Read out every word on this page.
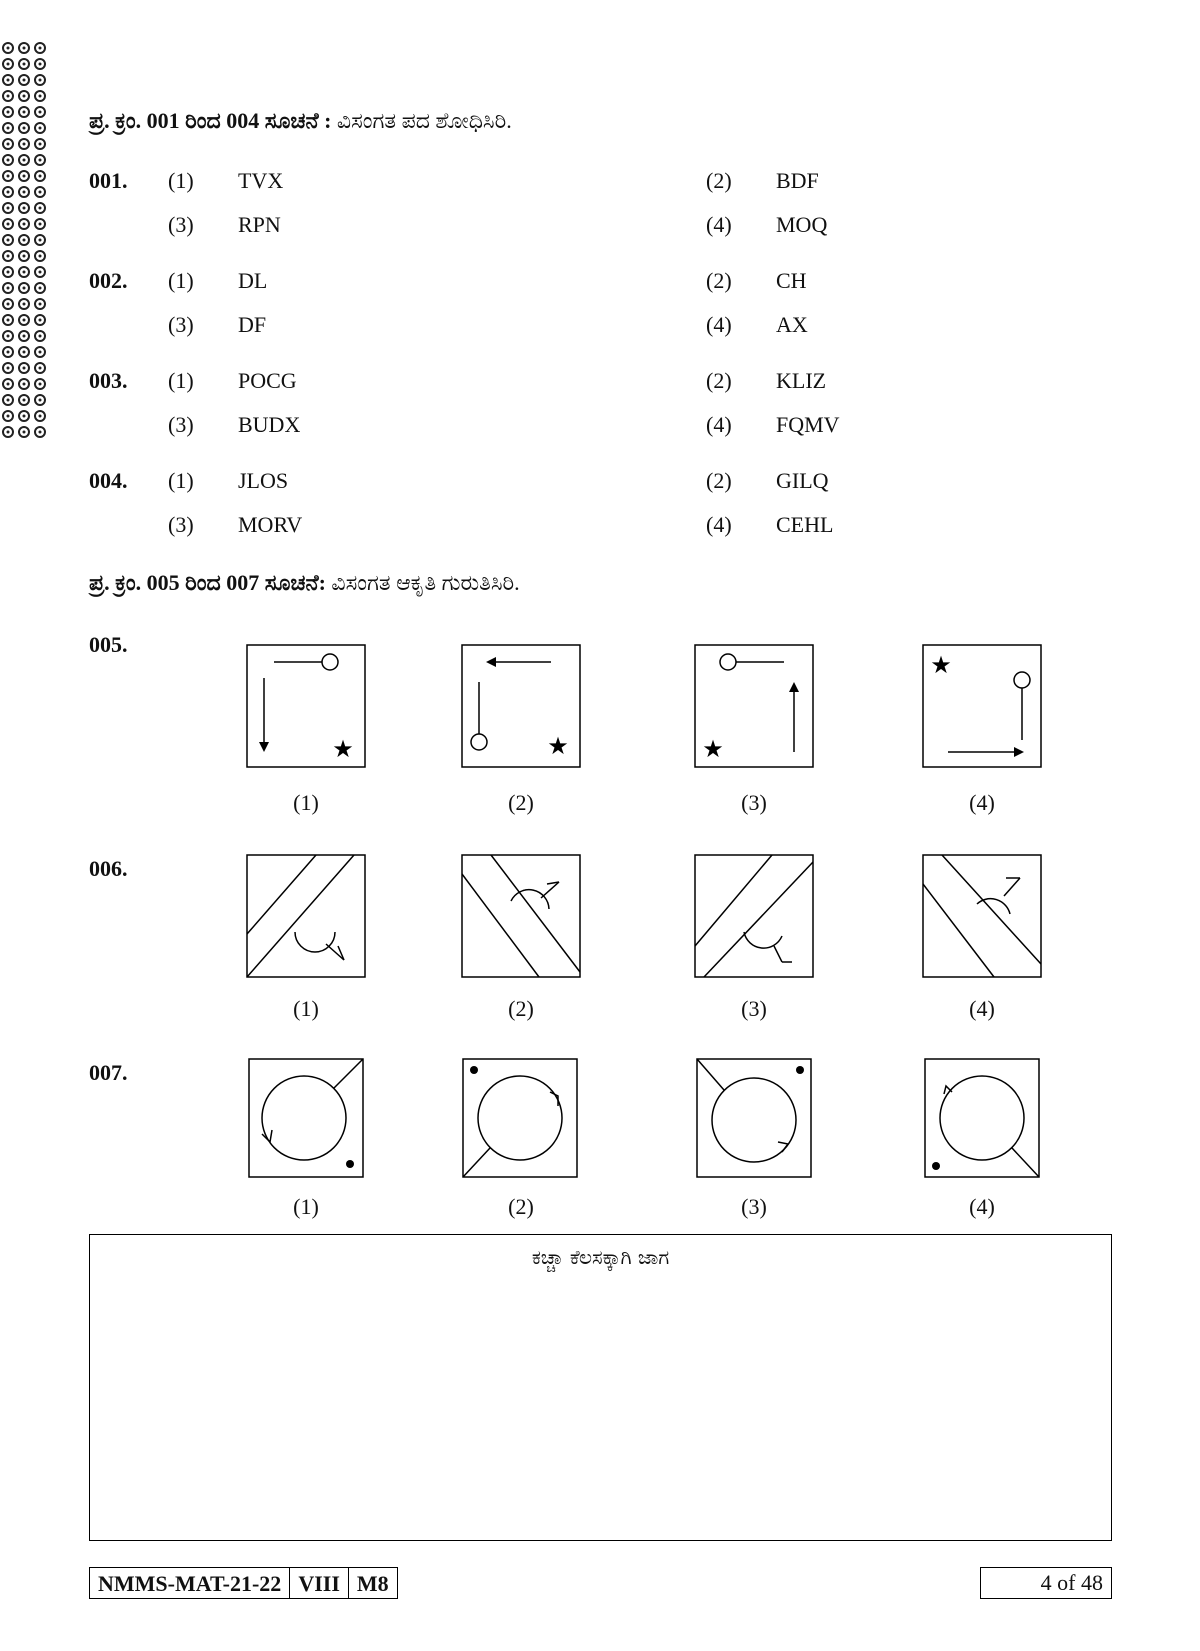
ಪ್ರ. ಕ್ರಂ. 001 ರಿಂದ 004 ಸೂಚನೆ : ವಿಸಂಗತ ಪದ ಶೋಧಿಸಿರಿ.
001. (1) TVX	(2) BDF
(3) RPN	(4) MOQ
002. (1) DL	(2) CH
(3) DF	(4) AX
003. (1) POCG	(2) KLIZ
(3) BUDX	(4) FQMV
004. (1) JLOS	(2) GILQ
(3) MORV	(4) CEHL
ಪ್ರ. ಕ್ರಂ. 005 ರಿಂದ 007 ಸೂಚನೆ: ವಿಸಂಗತ ಆಕೃತಿ ಗುರುತಿಸಿರಿ.
005.
★	★	★
★
(1)	(2)	(3)	(4)
006.
(1)	(2)	(3)	(4)
007.
(1)	(2)	(3)	(4)
ಕಚ್ಚಾ ಕೆಲಸಕ್ಕಾಗಿ ಜಾಗ
NMMS-MAT-21-22 VIII M8	4 of 48
